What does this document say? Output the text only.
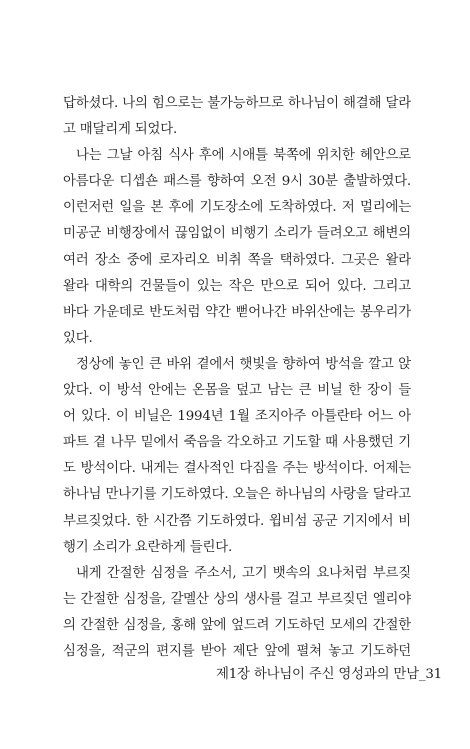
답하셨다. 나의 힘으로는 불가능하므로 하나님이 해결해 달라
고 매달리게 되었다.

나는 그날 아침 식사 후에 시애틀 북쪽에 위치한 헤안으로
아름다운 디셉숀 패스를 향하여 오전 9시 30분 출발하였다.
이런저런 일을 본 후에 기도장소에 도착하였다. 저 멀리에는
미공군 비행장에서 끊임없이 비행기 소리가 들려오고 해변의
여러 장소 중에 로자리오 비취 쪽을 택하였다. 그곳은 왈라
왈라 대학의 건물들이 있는 작은 만으로 되어 있다. 그리고
바다 가운데로 반도처럼 약간 뻗어나간 바위산에는 봉우리가
있다.

정상에 놓인 큰 바위 곁에서 햇빛을 향하여 방석을 깔고 앉
았다. 이 방석 안에는 온몸을 덮고 남는 큰 비닐 한 장이 들
어 있다. 이 비닐은 1994년 1월 조지아주 아틀란타 어느 아
파트 곁 나무 밑에서 죽음을 각오하고 기도할 때 사용했던 기
도 방석이다. 내게는 결사적인 다짐을 주는 방석이다. 어제는
하나님 만나기를 기도하였다. 오늘은 하나님의 사랑을 달라고
부르짖었다. 한 시간쯤 기도하였다. 윕비섬 공군 기지에서 비
행기 소리가 요란하게 들린다.

내게 간절한 심정을 주소서, 고기 뱃속의 요나처럼 부르짖
는 간절한 심정을, 갈멜산 상의 생사를 걸고 부르짖던 엘리야
의 간절한 심정을, 홍해 앞에 엎드려 기도하던 모세의 간절한
심정을, 적군의 편지를 받아 제단 앞에 펼쳐 놓고 기도하던

제1장 하나님이 주신 영성과의 만남_31
